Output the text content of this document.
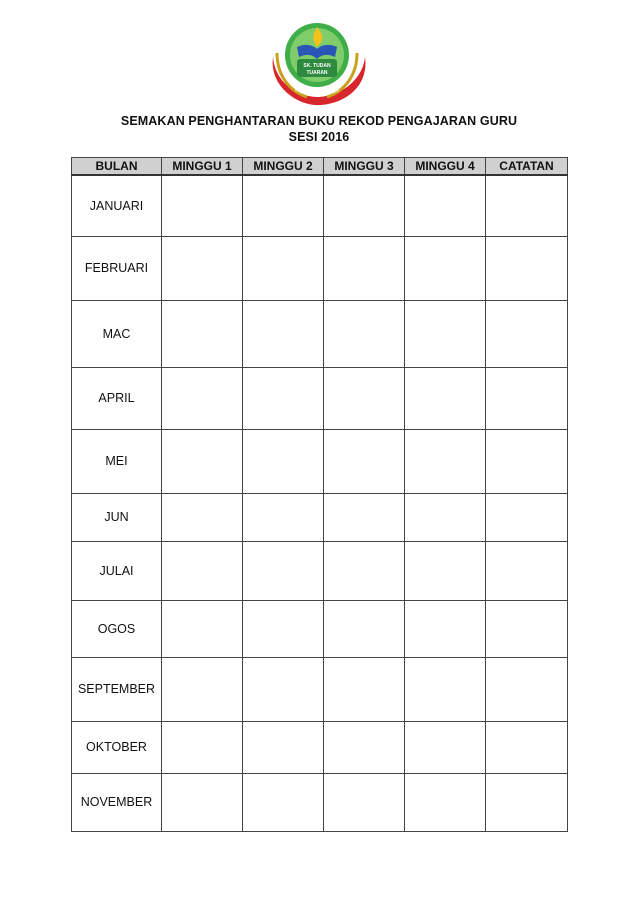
SK. TUDAN
TUARAN
Ilmu Amal Akhlak Mulia
SEMAKAN PENGHANTARAN BUKU REKOD PENGAJARAN GURU
SESI 2016
BULAN	MINGGU 1	MINGGU 2	MINGGU 3	MINGGU 4	CATATAN
JANUARI					
FEBRUARI					
MAC					
APRIL					
MEI					
JUN					
JULAI					
OGOS					
SEPTEMBER					
OKTOBER					
NOVEMBER					
